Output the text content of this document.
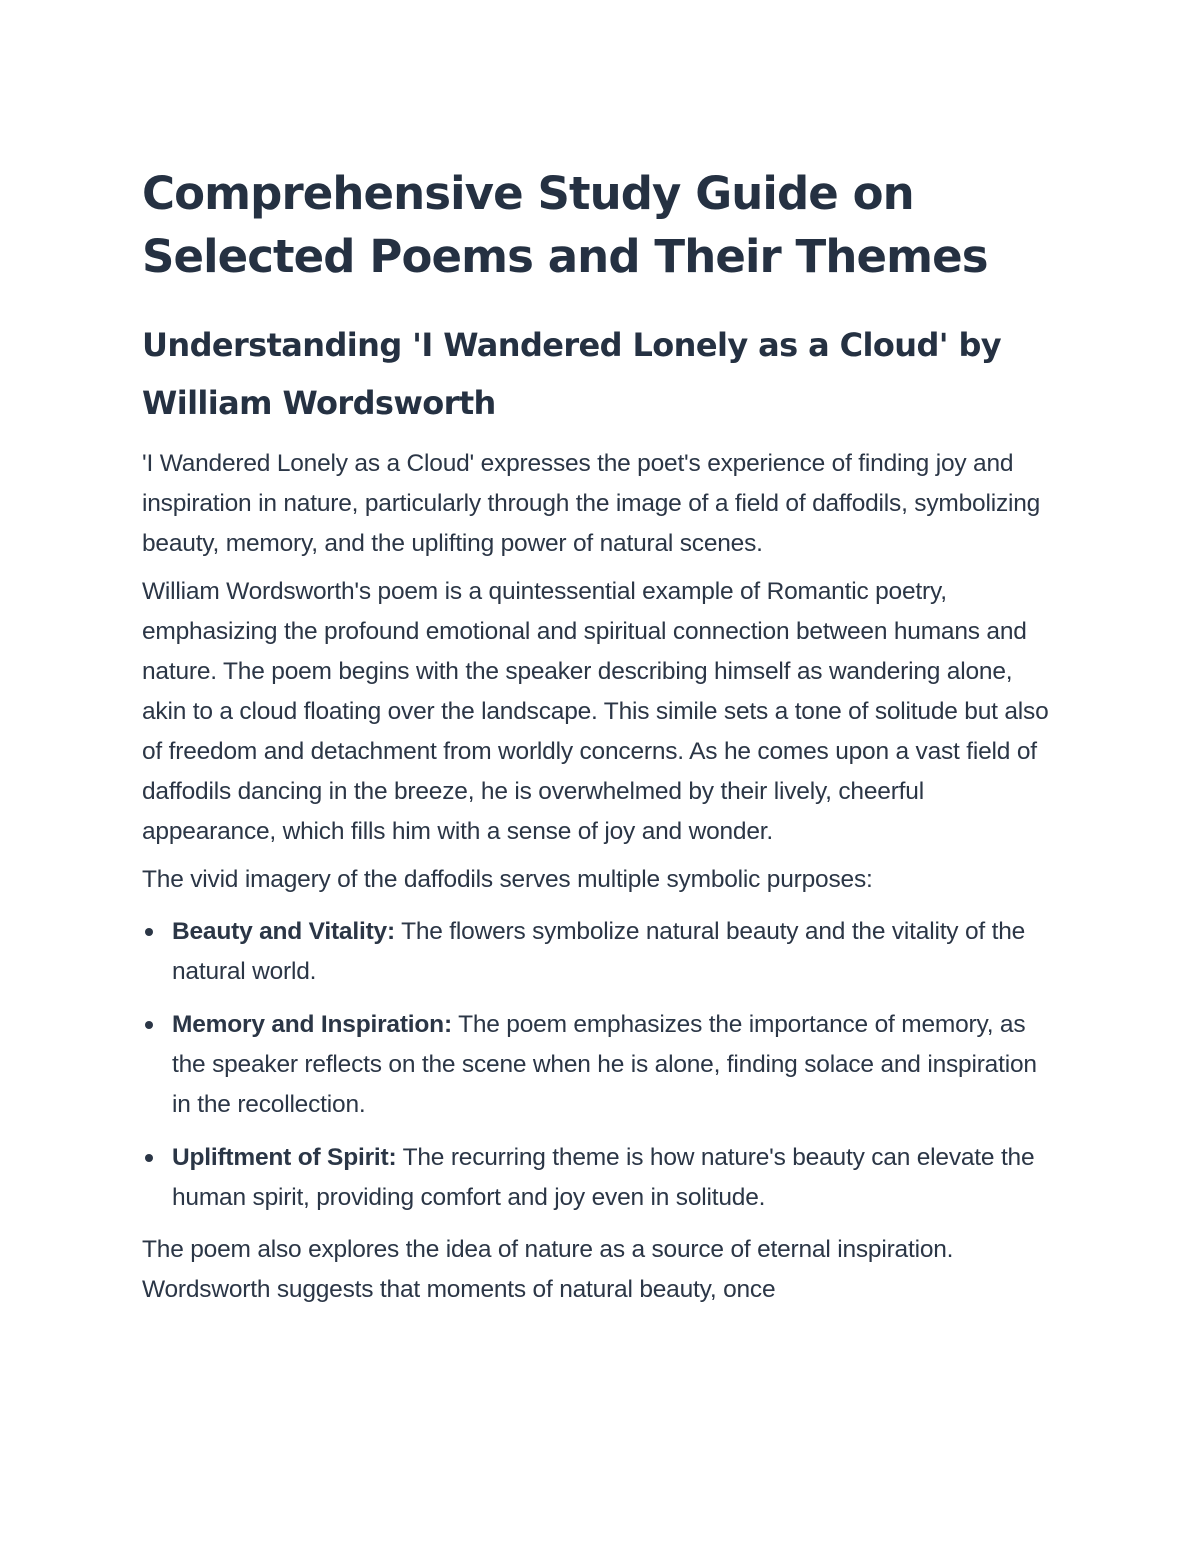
Comprehensive Study Guide on Selected Poems and Their Themes
Understanding 'I Wandered Lonely as a Cloud' by William Wordsworth

'I Wandered Lonely as a Cloud' expresses the poet's experience of finding joy and inspiration in nature, particularly through the image of a field of daffodils, symbolizing beauty, memory, and the uplifting power of natural scenes.

William Wordsworth's poem is a quintessential example of Romantic poetry, emphasizing the profound emotional and spiritual connection between humans and nature. The poem begins with the speaker describing himself as wandering alone, akin to a cloud floating over the landscape. This simile sets a tone of solitude but also of freedom and detachment from worldly concerns. As he comes upon a vast field of daffodils dancing in the breeze, he is overwhelmed by their lively, cheerful appearance, which fills him with a sense of joy and wonder.

The vivid imagery of the daffodils serves multiple symbolic purposes:

Beauty and Vitality: The flowers symbolize natural beauty and the vitality of the natural world.
Memory and Inspiration: The poem emphasizes the importance of memory, as the speaker reflects on the scene when he is alone, finding solace and inspiration in the recollection.
Upliftment of Spirit: The recurring theme is how nature's beauty can elevate the human spirit, providing comfort and joy even in solitude.

The poem also explores the idea of nature as a source of eternal inspiration. Wordsworth suggests that moments of natural beauty, once
